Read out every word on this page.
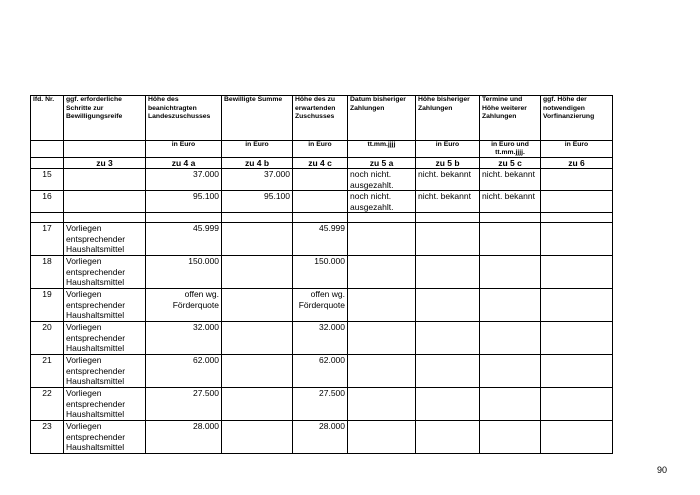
lfd. Nr.	ggf. erforderliche Schritte zur Bewilligungsreife	Höhe des beanichtragten Landeszuschusses	Bewilligte Summe	Höhe des zu erwartenden Zuschusses	Datum bisheriger Zahlungen	Höhe bisheriger Zahlungen	Termine und Höhe weiterer Zahlungen	ggf. Höhe der notwendigen Vorfinanzierung
		in Euro	in Euro	in Euro	tt.mm.jjjj	in Euro	in Euro und tt.mm.jjjj.	in Euro
	zu 3	zu 4 a	zu 4 b	zu 4 c	zu 5 a	zu 5 b	zu 5 c	zu 6
15		37.000	37.000		noch nicht. ausgezahlt.	nicht. bekannt	nicht. bekannt	
16		95.100	95.100		noch nicht. ausgezahlt.	nicht. bekannt	nicht. bekannt	

17	Vorliegen entsprechender Haushaltsmittel	45.999		45.999				
18	Vorliegen entsprechender Haushaltsmittel	150.000		150.000				
19	Vorliegen entsprechender Haushaltsmittel	offen wg. Förderquote		offen wg. Förderquote				
20	Vorliegen entsprechender Haushaltsmittel	32.000		32.000				
21	Vorliegen entsprechender Haushaltsmittel	62.000		62.000				
22	Vorliegen entsprechender Haushaltsmittel	27.500		27.500				
23	Vorliegen entsprechender Haushaltsmittel	28.000		28.000				
90
